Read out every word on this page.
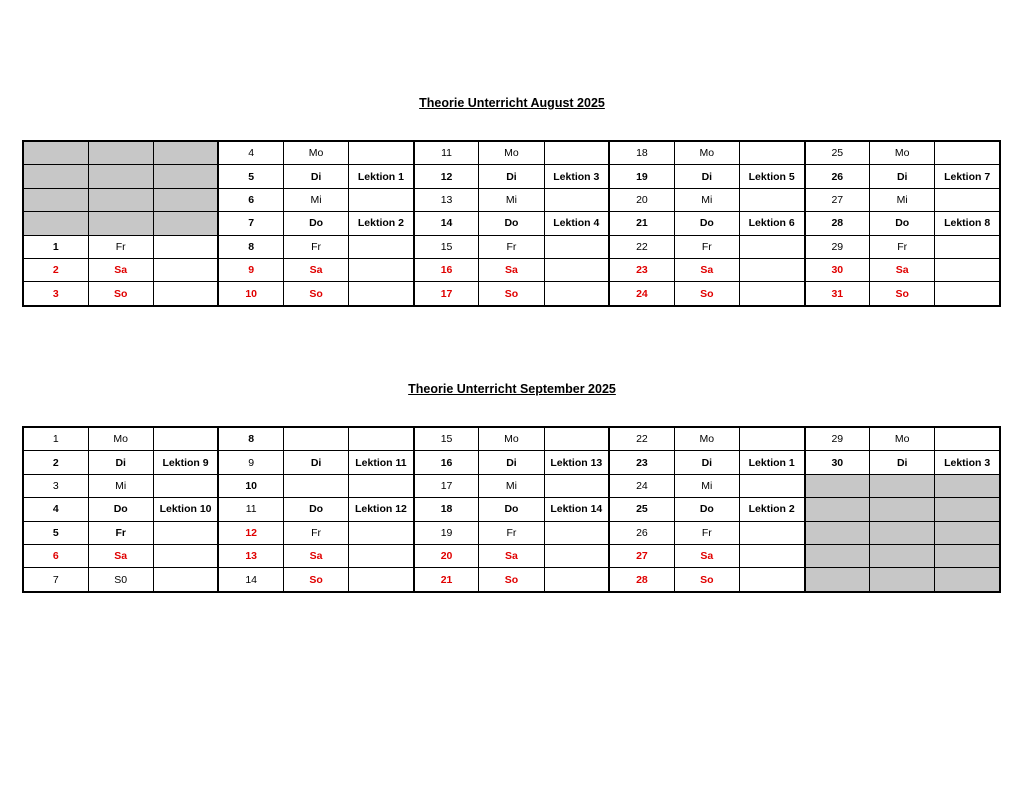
Theorie Unterricht August 2025
			4	Mo		11	Mo		18	Mo		25	Mo	
			5	Di	Lektion 1	12	Di	Lektion 3	19	Di	Lektion 5	26	Di	Lektion 7
			6	Mi		13	Mi		20	Mi		27	Mi	
			7	Do	Lektion 2	14	Do	Lektion 4	21	Do	Lektion 6	28	Do	Lektion 8
1	Fr		8	Fr		15	Fr		22	Fr		29	Fr	
2	Sa		9	Sa		16	Sa		23	Sa		30	Sa	
3	So		10	So		17	So		24	So		31	So	
Theorie Unterricht September 2025
1	Mo		8			15	Mo		22	Mo		29	Mo	
2	Di	Lektion 9	9	Di	Lektion 11	16	Di	Lektion 13	23	Di	Lektion 1	30	Di	Lektion 3
3	Mi		10			17	Mi		24	Mi				
4	Do	Lektion 10	11	Do	Lektion 12	18	Do	Lektion 14	25	Do	Lektion 2			
5	Fr		12	Fr		19	Fr		26	Fr				
6	Sa		13	Sa		20	Sa		27	Sa				
7	S0		14	So		21	So		28	So				
